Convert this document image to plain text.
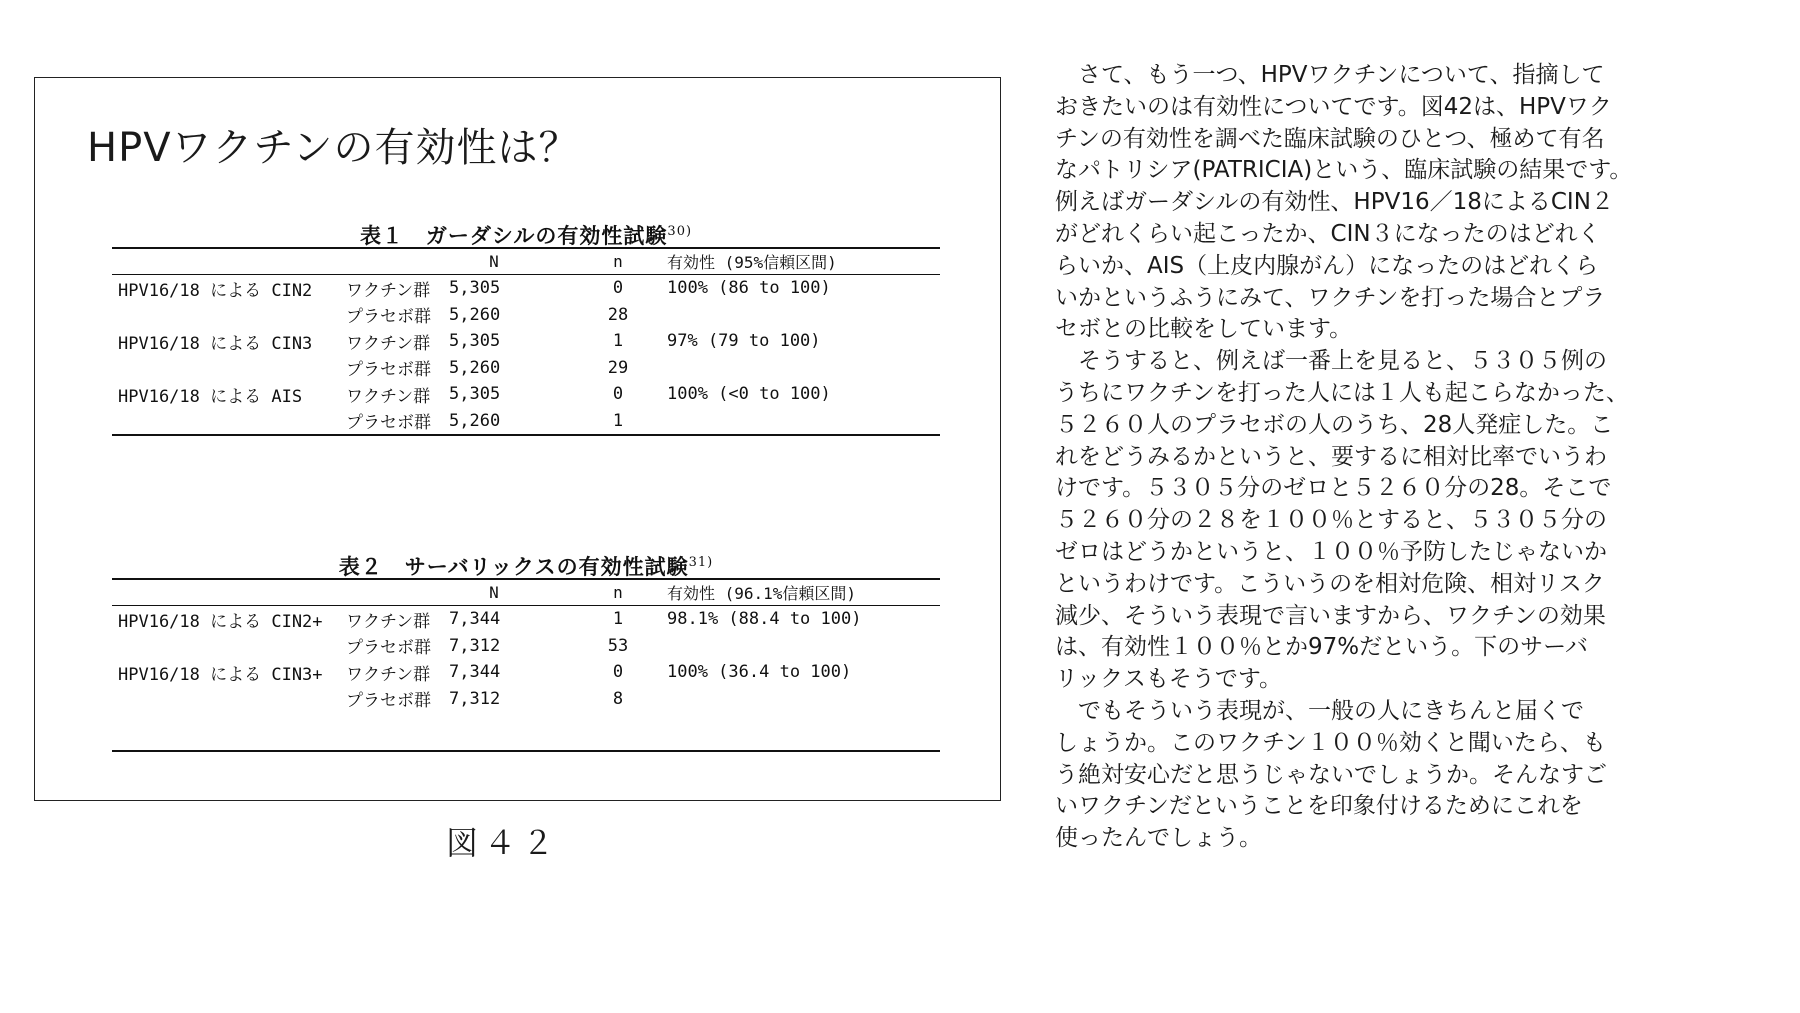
HPVワクチンの有効性は？
表１　ガーダシルの有効性試験$^{30)}$
		N	n	有効性 (95%信頼区間)
HPV16/18 による CIN2	ワクチン群	5,305	0	100% (86 to 100)
	プラセボ群	5,260	28	
HPV16/18 による CIN3	ワクチン群	5,305	1	97% (79 to 100)
	プラセボ群	5,260	29	
HPV16/18 による AIS	ワクチン群	5,305	0	100% (<0 to 100)
	プラセボ群	5,260	1	
表２　サーバリックスの有効性試験$^{31)}$
		N	n	有効性 (96.1%信頼区間)
HPV16/18 による CIN2+	ワクチン群	7,344	1	98.1% (88.4 to 100)
	プラセボ群	7,312	53	
HPV16/18 による CIN3+	ワクチン群	7,344	0	100% (36.4 to 100)
	プラセボ群	7,312	8	

図４２

　さて、もう一つ、HPVワクチンについて、指摘して

おきたいのは有効性についてです。図42は、HPVワク

チンの有効性を調べた臨床試験のひとつ、極めて有名

なパトリシア(PATRICIA)という、臨床試験の結果です。

例えばガーダシルの有効性、HPV16／18によるCIN２

がどれくらい起こったか、CIN３になったのはどれく

らいか、AIS（上皮内腺がん）になったのはどれくら

いかというふうにみて、ワクチンを打った場合とプラ

セボとの比較をしています。

　そうすると、例えば一番上を見ると、５３０５例の

うちにワクチンを打った人には１人も起こらなかった、

５２６０人のプラセボの人のうち、28人発症した。こ

れをどうみるかというと、要するに相対比率でいうわ

けです。５３０５分のゼロと５２６０分の28。そこで

５２６０分の２８を１００％とすると、５３０５分の

ゼロはどうかというと、１００％予防したじゃないか

というわけです。こういうのを相対危険、相対リスク

減少、そういう表現で言いますから、ワクチンの効果

は、有効性１００％とか97%だという。下のサーバ

リックスもそうです。

　でもそういう表現が、一般の人にきちんと届くで

しょうか。このワクチン１００％効くと聞いたら、も

う絶対安心だと思うじゃないでしょうか。そんなすご

いワクチンだということを印象付けるためにこれを

使ったんでしょう。
